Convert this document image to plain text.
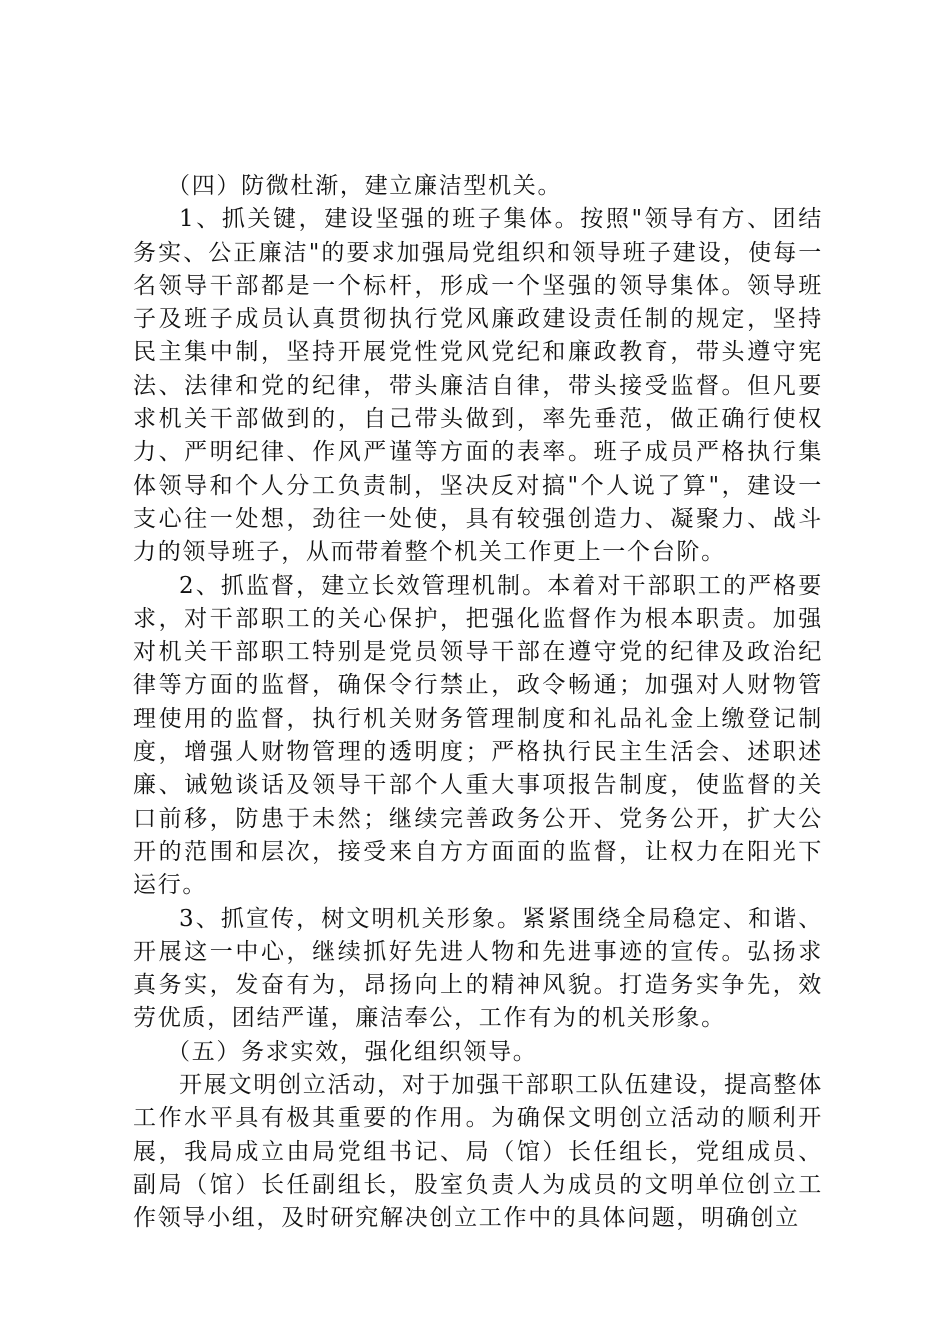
（四）防微杜渐，建立廉洁型机关。

1、抓关键，建设坚强的班子集体。按照"领导有方、团结务实、公正廉洁"的要求加强局党组织和领导班子建设，使每一名领导干部都是一个标杆，形成一个坚强的领导集体。领导班子及班子成员认真贯彻执行党风廉政建设责任制的规定，坚持民主集中制，坚持开展党性党风党纪和廉政教育，带头遵守宪法、法律和党的纪律，带头廉洁自律，带头接受监督。但凡要求机关干部做到的，自己带头做到，率先垂范，做正确行使权力、严明纪律、作风严谨等方面的表率。班子成员严格执行集体领导和个人分工负责制，坚决反对搞"个人说了算"，建设一支心往一处想，劲往一处使，具有较强创造力、凝聚力、战斗力的领导班子，从而带着整个机关工作更上一个台阶。

2、抓监督，建立长效管理机制。本着对干部职工的严格要求，对干部职工的关心保护，把强化监督作为根本职责。加强对机关干部职工特别是党员领导干部在遵守党的纪律及政治纪律等方面的监督，确保令行禁止，政令畅通；加强对人财物管理使用的监督，执行机关财务管理制度和礼品礼金上缴登记制度，增强人财物管理的透明度；严格执行民主生活会、述职述廉、诫勉谈话及领导干部个人重大事项报告制度，使监督的关口前移，防患于未然；继续完善政务公开、党务公开，扩大公开的范围和层次，接受来自方方面面的监督，让权力在阳光下运行。

3、抓宣传，树文明机关形象。紧紧围绕全局稳定、和谐、开展这一中心，继续抓好先进人物和先进事迹的宣传。弘扬求真务实，发奋有为，昂扬向上的精神风貌。打造务实争先，效劳优质，团结严谨，廉洁奉公，工作有为的机关形象。

（五）务求实效，强化组织领导。

开展文明创立活动，对于加强干部职工队伍建设，提高整体工作水平具有极其重要的作用。为确保文明创立活动的顺利开展，我局成立由局党组书记、局（馆）长任组长，党组成员、副局（馆）长任副组长，股室负责人为成员的文明单位创立工作领导小组，及时研究解决创立工作中的具体问题，明确创立
